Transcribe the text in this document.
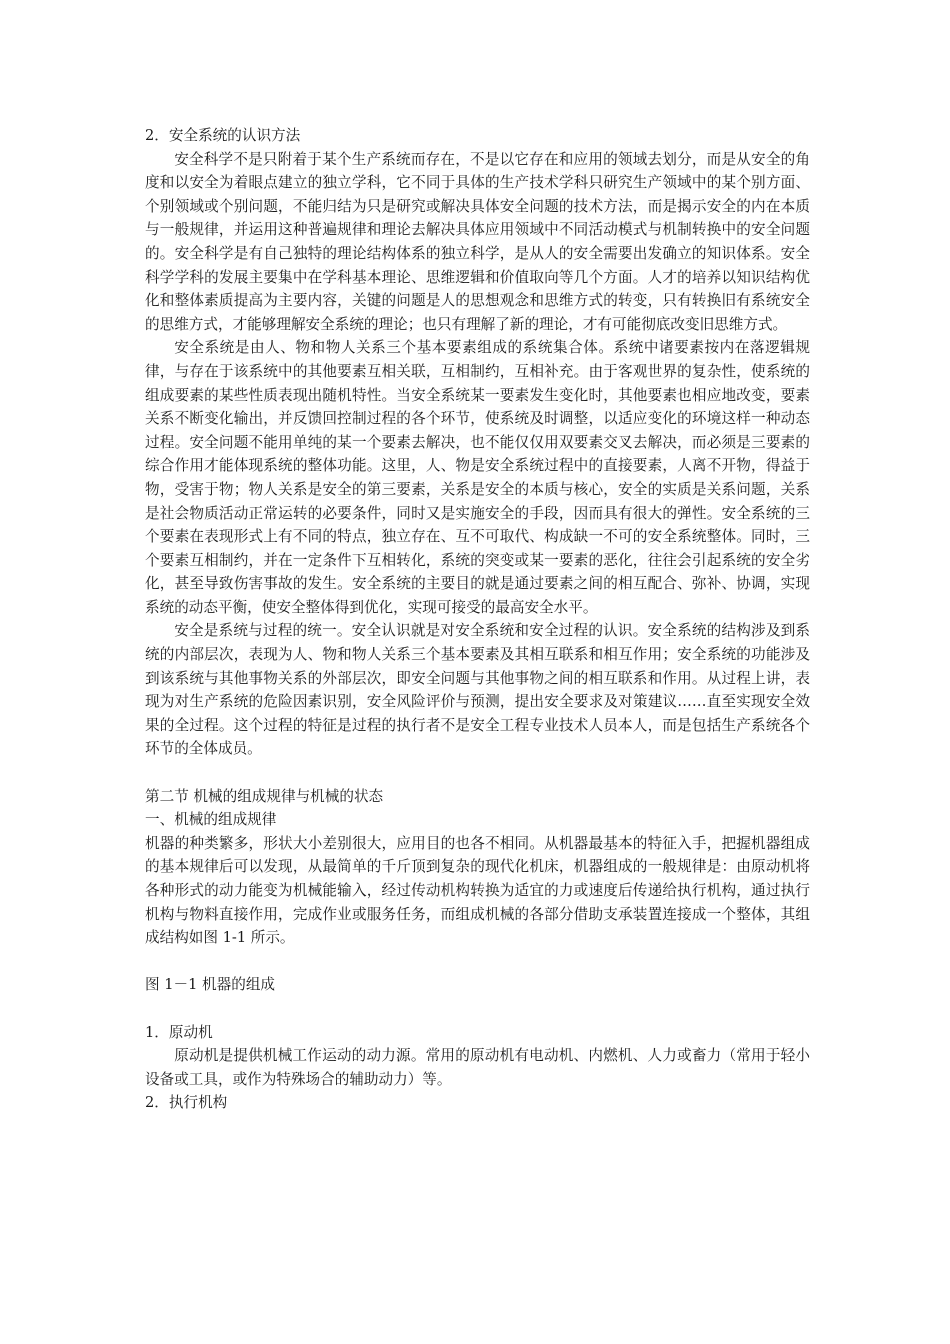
2．安全系统的认识方法

安全科学不是只附着于某个生产系统而存在，不是以它存在和应用的领域去划分，而是从安全的角度和以安全为着眼点建立的独立学科，它不同于具体的生产技术学科只研究生产领域中的某个别方面、个别领域或个别问题，不能归结为只是研究或解决具体安全问题的技术方法，而是揭示安全的内在本质与一般规律，并运用这种普遍规律和理论去解决具体应用领域中不同活动模式与机制转换中的安全问题的。安全科学是有自己独特的理论结构体系的独立科学，是从人的安全需要出发确立的知识体系。安全科学学科的发展主要集中在学科基本理论、思维逻辑和价值取向等几个方面。人才的培养以知识结构优化和整体素质提高为主要内容，关键的问题是人的思想观念和思维方式的转变，只有转换旧有系统安全的思维方式，才能够理解安全系统的理论；也只有理解了新的理论，才有可能彻底改变旧思维方式。

安全系统是由人、物和物人关系三个基本要素组成的系统集合体。系统中诸要素按内在落逻辑规律，与存在于该系统中的其他要素互相关联，互相制约，互相补充。由于客观世界的复杂性，使系统的组成要素的某些性质表现出随机特性。当安全系统某一要素发生变化时，其他要素也相应地改变，要素关系不断变化输出，并反馈回控制过程的各个环节，使系统及时调整，以适应变化的环境这样一种动态过程。安全问题不能用单纯的某一个要素去解决，也不能仅仅用双要素交叉去解决，而必须是三要素的综合作用才能体现系统的整体功能。这里，人、物是安全系统过程中的直接要素，人离不开物，得益于物，受害于物；物人关系是安全的第三要素，关系是安全的本质与核心，安全的实质是关系问题，关系是社会物质活动正常运转的必要条件，同时又是实施安全的手段，因而具有很大的弹性。安全系统的三个要素在表现形式上有不同的特点，独立存在、互不可取代、构成缺一不可的安全系统整体。同时，三个要素互相制约，并在一定条件下互相转化，系统的突变或某一要素的恶化，往往会引起系统的安全劣化，甚至导致伤害事故的发生。安全系统的主要目的就是通过要素之间的相互配合、弥补、协调，实现系统的动态平衡，使安全整体得到优化，实现可接受的最高安全水平。

安全是系统与过程的统一。安全认识就是对安全系统和安全过程的认识。安全系统的结构涉及到系统的内部层次，表现为人、物和物人关系三个基本要素及其相互联系和相互作用；安全系统的功能涉及到该系统与其他事物关系的外部层次，即安全问题与其他事物之间的相互联系和作用。从过程上讲，表现为对生产系统的危险因素识别，安全风险评价与预测，提出安全要求及对策建议……直至实现安全效果的全过程。这个过程的特征是过程的执行者不是安全工程专业技术人员本人，而是包括生产系统各个环节的全体成员。

第二节 机械的组成规律与机械的状态

一、机械的组成规律

机器的种类繁多，形状大小差别很大，应用目的也各不相同。从机器最基本的特征入手，把握机器组成的基本规律后可以发现，从最简单的千斤顶到复杂的现代化机床，机器组成的一般规律是：由原动机将各种形式的动力能变为机械能输入，经过传动机构转换为适宜的力或速度后传递给执行机构，通过执行机构与物料直接作用，完成作业或服务任务，而组成机械的各部分借助支承装置连接成一个整体，其组成结构如图 1-1 所示。

图 1－1 机器的组成

1．原动机

原动机是提供机械工作运动的动力源。常用的原动机有电动机、内燃机、人力或畜力（常用于轻小设备或工具，或作为特殊场合的辅助动力）等。

2．执行机构
